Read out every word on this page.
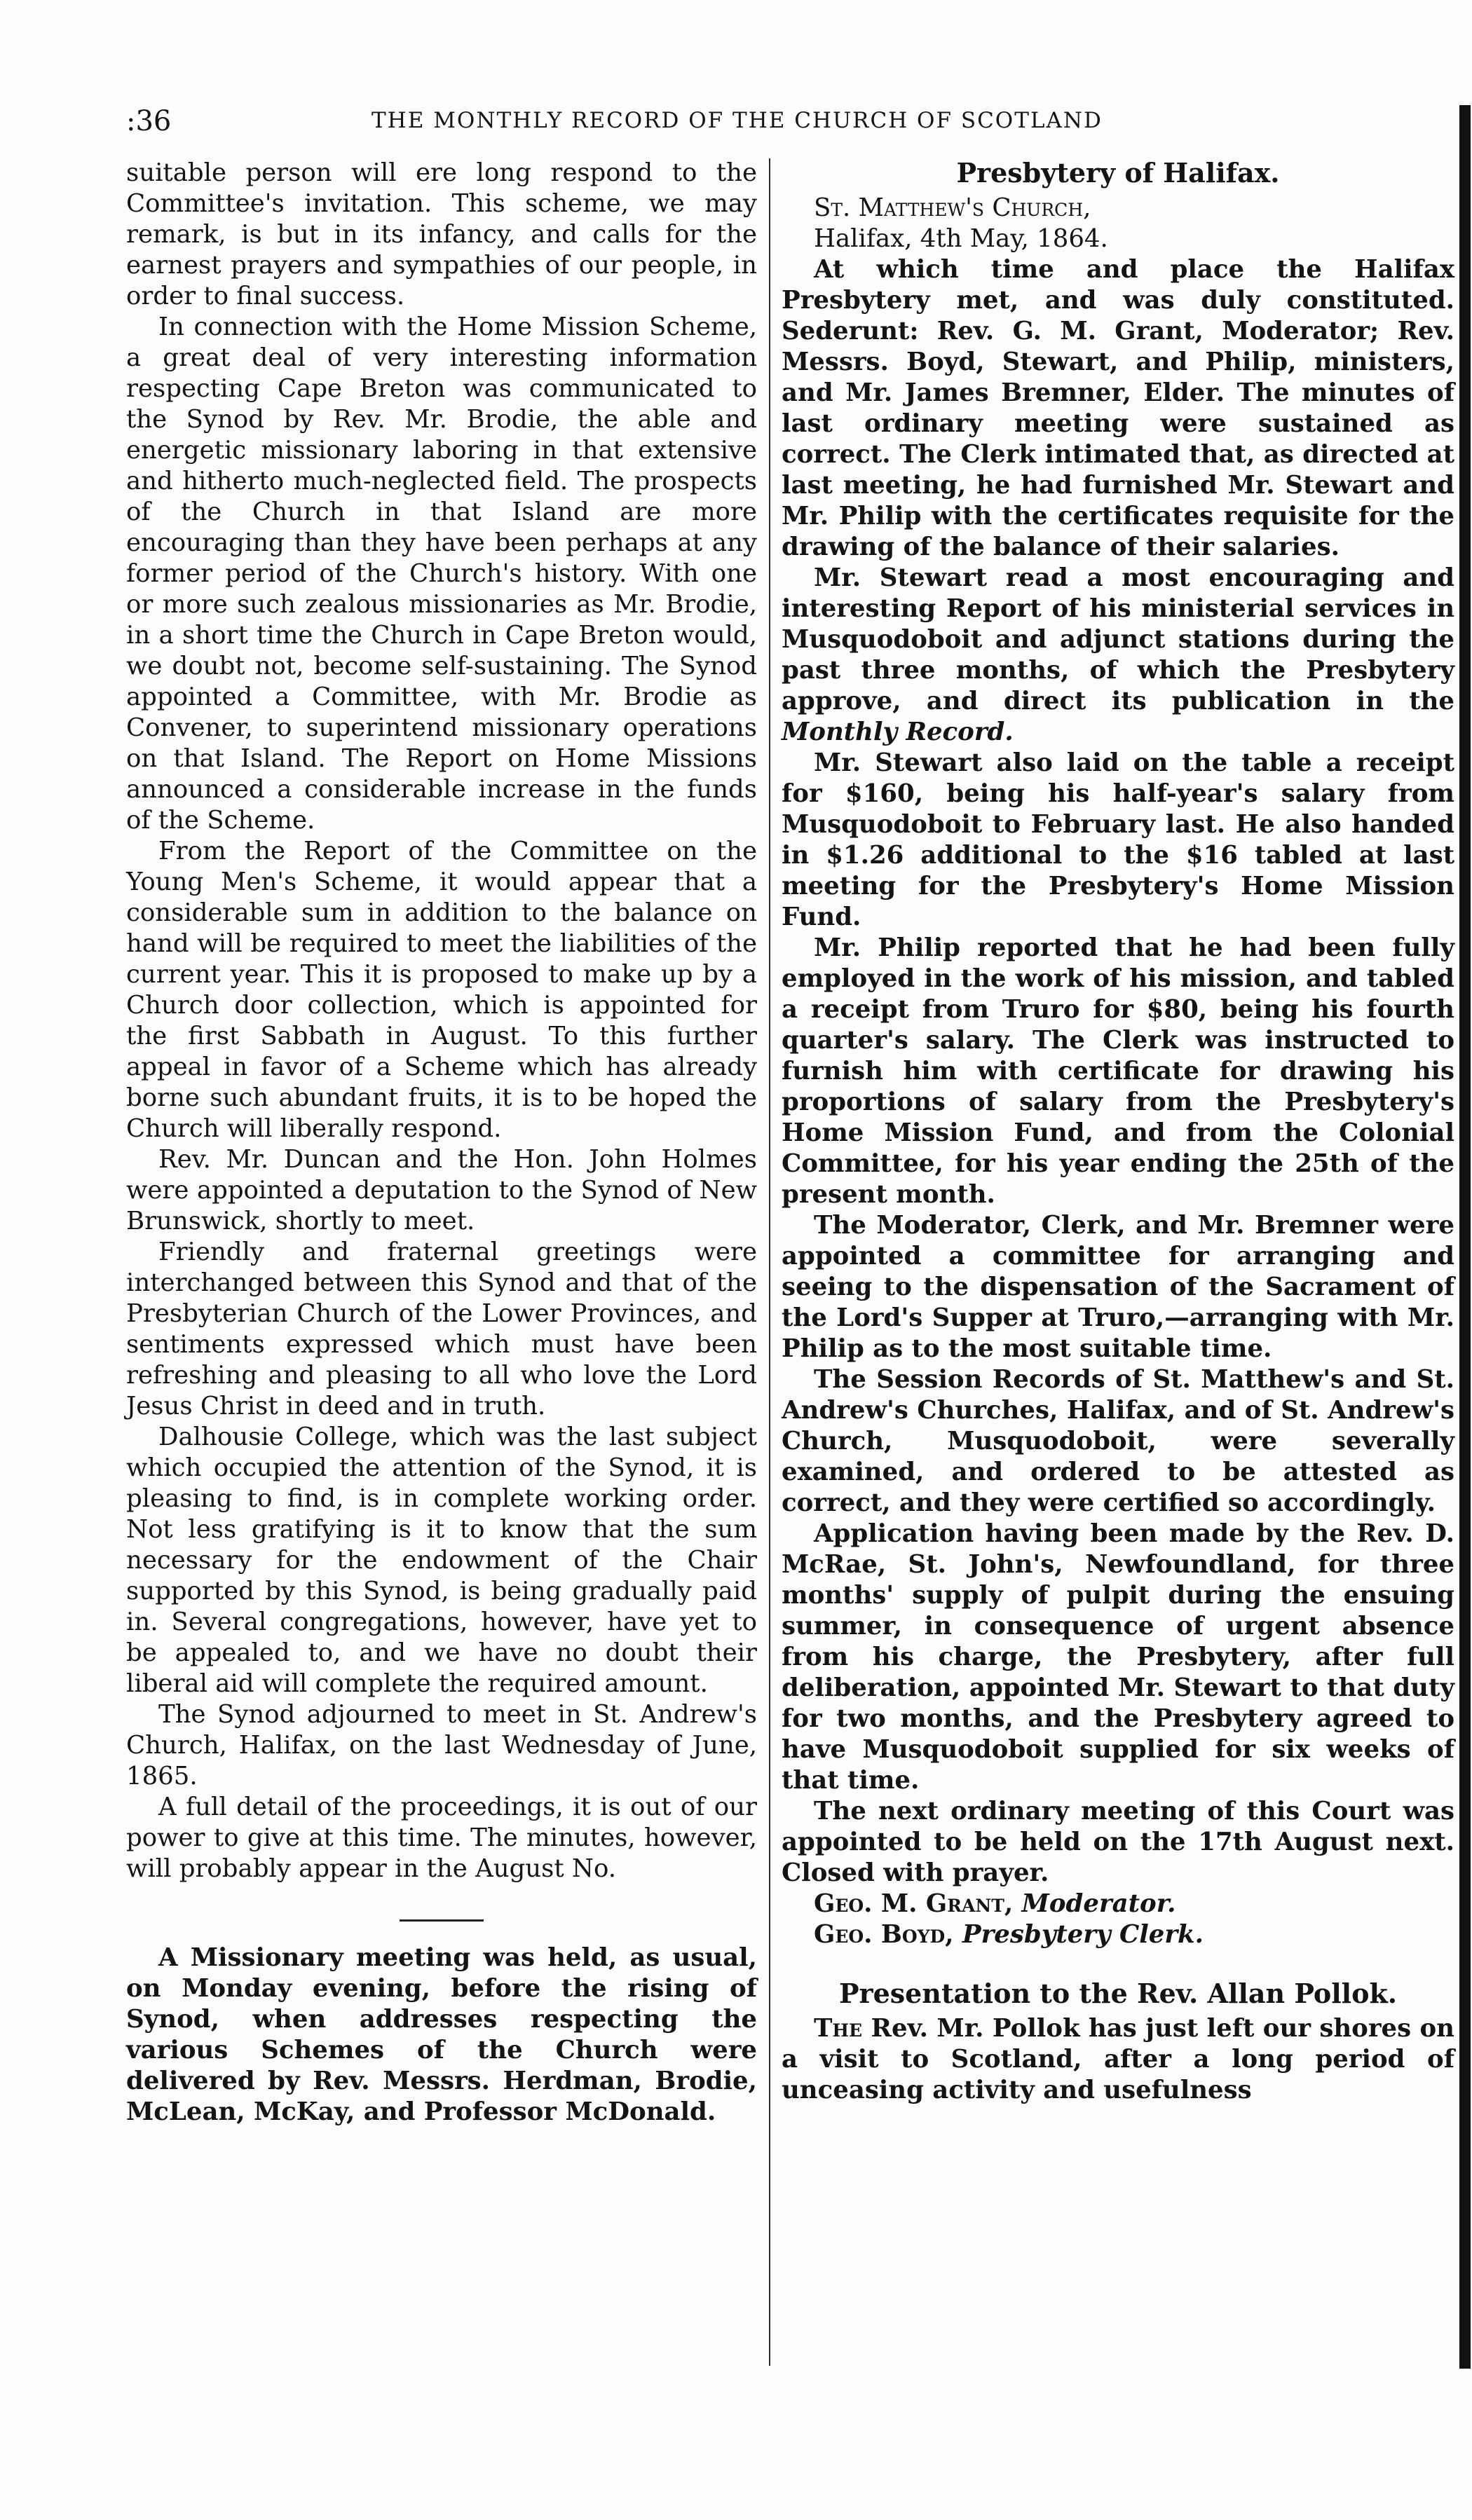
:36	THE MONTHLY RECORD OF THE CHURCH OF SCOTLAND

suitable person will ere long respond to the Committee's invitation. This scheme, we may remark, is but in its infancy, and calls for the earnest prayers and sympathies of our people, in order to final success.

In connection with the Home Mission Scheme, a great deal of very interesting information respecting Cape Breton was communicated to the Synod by Rev. Mr. Brodie, the able and energetic missionary laboring in that extensive and hitherto much-neglected field. The prospects of the Church in that Island are more encouraging than they have been perhaps at any former period of the Church's history. With one or more such zealous missionaries as Mr. Brodie, in a short time the Church in Cape Breton would, we doubt not, become self-sustaining. The Synod appointed a Committee, with Mr. Brodie as Convener, to superintend missionary operations on that Island. The Report on Home Missions announced a considerable increase in the funds of the Scheme.

From the Report of the Committee on the Young Men's Scheme, it would appear that a considerable sum in addition to the balance on hand will be required to meet the liabilities of the current year. This it is proposed to make up by a Church door collection, which is appointed for the first Sabbath in August. To this further appeal in favor of a Scheme which has already borne such abundant fruits, it is to be hoped the Church will liberally respond.

Rev. Mr. Duncan and the Hon. John Holmes were appointed a deputation to the Synod of New Brunswick, shortly to meet.

Friendly and fraternal greetings were interchanged between this Synod and that of the Presbyterian Church of the Lower Provinces, and sentiments expressed which must have been refreshing and pleasing to all who love the Lord Jesus Christ in deed and in truth.

Dalhousie College, which was the last subject which occupied the attention of the Synod, it is pleasing to find, is in complete working order. Not less gratifying is it to know that the sum necessary for the endowment of the Chair supported by this Synod, is being gradually paid in. Several congregations, however, have yet to be appealed to, and we have no doubt their liberal aid will complete the required amount.

The Synod adjourned to meet in St. Andrew's Church, Halifax, on the last Wednesday of June, 1865.

A full detail of the proceedings, it is out of our power to give at this time. The minutes, however, will probably appear in the August No.

A Missionary meeting was held, as usual, on Monday evening, before the rising of Synod, when addresses respecting the various Schemes of the Church were delivered by Rev. Messrs. Herdman, Brodie, McLean, McKay, and Professor McDonald.

Presbytery of Halifax.

St. Matthew's Church,

Halifax, 4th May, 1864.

At which time and place the Halifax Presbytery met, and was duly constituted. Sederunt: Rev. G. M. Grant, Moderator; Rev. Messrs. Boyd, Stewart, and Philip, ministers, and Mr. James Bremner, Elder. The minutes of last ordinary meeting were sustained as correct. The Clerk intimated that, as directed at last meeting, he had furnished Mr. Stewart and Mr. Philip with the certificates requisite for the drawing of the balance of their salaries.

Mr. Stewart read a most encouraging and interesting Report of his ministerial services in Musquodoboit and adjunct stations during the past three months, of which the Presbytery approve, and direct its publication in the Monthly Record.

Mr. Stewart also laid on the table a receipt for $160, being his half-year's salary from Musquodoboit to February last. He also handed in $1.26 additional to the $16 tabled at last meeting for the Presbytery's Home Mission Fund.

Mr. Philip reported that he had been fully employed in the work of his mission, and tabled a receipt from Truro for $80, being his fourth quarter's salary. The Clerk was instructed to furnish him with certificate for drawing his proportions of salary from the Presbytery's Home Mission Fund, and from the Colonial Committee, for his year ending the 25th of the present month.

The Moderator, Clerk, and Mr. Bremner were appointed a committee for arranging and seeing to the dispensation of the Sacrament of the Lord's Supper at Truro,—arranging with Mr. Philip as to the most suitable time.

The Session Records of St. Matthew's and St. Andrew's Churches, Halifax, and of St. Andrew's Church, Musquodoboit, were severally examined, and ordered to be attested as correct, and they were certified so accordingly.

Application having been made by the Rev. D. McRae, St. John's, Newfoundland, for three months' supply of pulpit during the ensuing summer, in consequence of urgent absence from his charge, the Presbytery, after full deliberation, appointed Mr. Stewart to that duty for two months, and the Presbytery agreed to have Musquodoboit supplied for six weeks of that time.

The next ordinary meeting of this Court was appointed to be held on the 17th August next. Closed with prayer.

Geo. M. Grant, Moderator.

Geo. Boyd, Presbytery Clerk.

Presentation to the Rev. Allan Pollok.

The Rev. Mr. Pollok has just left our shores on a visit to Scotland, after a long period of unceasing activity and usefulness
